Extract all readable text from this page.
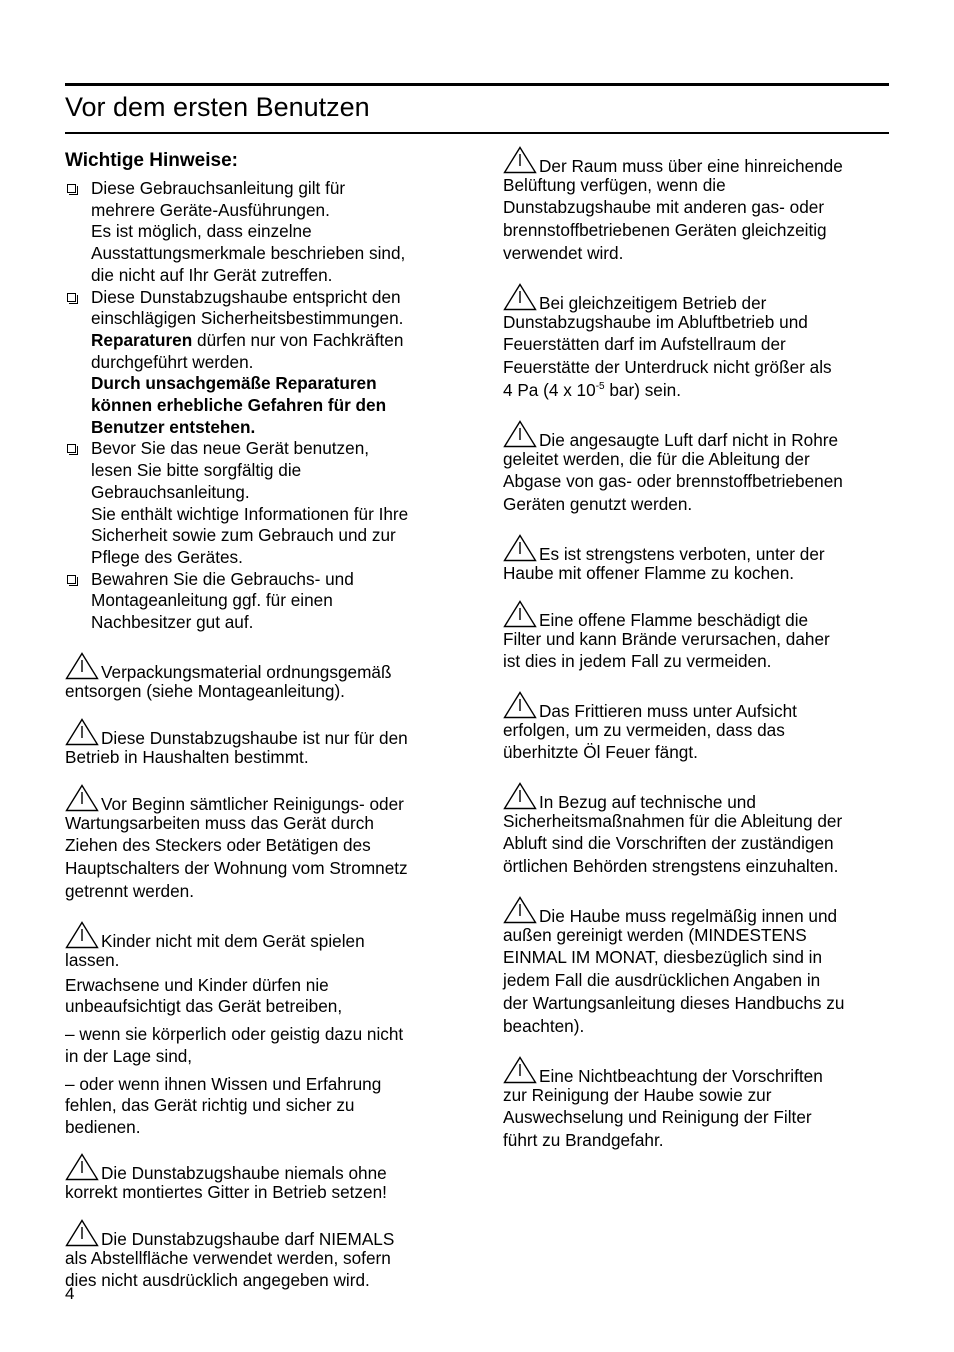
Vor dem ersten Benutzen
Wichtige Hinweise:
Diese Gebrauchsanleitung gilt für
mehrere Geräte-Ausführungen.
Es ist möglich, dass einzelne
Ausstattungsmerkmale beschrieben sind,
die nicht auf Ihr Gerät zutreffen.
Diese Dunstabzugshaube entspricht den
einschlägigen Sicherheitsbestimmungen.
Reparaturen dürfen nur von Fachkräften
durchgeführt werden.
Durch unsachgemäße Reparaturen
können erhebliche Gefahren für den
Benutzer entstehen.
Bevor Sie das neue Gerät benutzen,
lesen Sie bitte sorgfältig die
Gebrauchsanleitung.
Sie enthält wichtige Informationen für Ihre
Sicherheit sowie zum Gebrauch und zur
Pflege des Gerätes.
Bewahren Sie die Gebrauchs- und
Montageanleitung ggf. für einen
Nachbesitzer gut auf.
Verpackungsmaterial ordnungsgemäß
entsorgen (siehe Montageanleitung).
Diese Dunstabzugshaube ist nur für den
Betrieb in Haushalten bestimmt.
Vor Beginn sämtlicher Reinigungs- oder
Wartungsarbeiten muss das Gerät durch
Ziehen des Steckers oder Betätigen des
Hauptschalters der Wohnung vom Stromnetz
getrennt werden.
Kinder nicht mit dem Gerät spielen
lassen.

Erwachsene und Kinder dürfen nie
unbeaufsichtigt das Gerät betreiben,

– wenn sie körperlich oder geistig dazu nicht
in der Lage sind,

– oder wenn ihnen Wissen und Erfahrung
fehlen, das Gerät richtig und sicher zu
bedienen.

Die Dunstabzugshaube niemals ohne
korrekt montiertes Gitter in Betrieb setzen!
Die Dunstabzugshaube darf NIEMALS
als Abstellfläche verwendet werden, sofern
dies nicht ausdrücklich angegeben wird.
Der Raum muss über eine hinreichende
Belüftung verfügen, wenn die
Dunstabzugshaube mit anderen gas- oder
brennstoffbetriebenen Geräten gleichzeitig
verwendet wird.
Bei gleichzeitigem Betrieb der
Dunstabzugshaube im Abluftbetrieb und
Feuerstätten darf im Aufstellraum der
Feuerstätte der Unterdruck nicht größer als
4 Pa (4 x $10^{-5}$ bar) sein.
Die angesaugte Luft darf nicht in Rohre
geleitet werden, die für die Ableitung der
Abgase von gas- oder brennstoffbetriebenen
Geräten genutzt werden.
Es ist strengstens verboten, unter der
Haube mit offener Flamme zu kochen.
Eine offene Flamme beschädigt die
Filter und kann Brände verursachen, daher
ist dies in jedem Fall zu vermeiden.
Das Frittieren muss unter Aufsicht
erfolgen, um zu vermeiden, dass das
überhitzte Öl Feuer fängt.
In Bezug auf technische und
Sicherheitsmaßnahmen für die Ableitung der
Abluft sind die Vorschriften der zuständigen
örtlichen Behörden strengstens einzuhalten.
Die Haube muss regelmäßig innen und
außen gereinigt werden (MINDESTENS
EINMAL IM MONAT, diesbezüglich sind in
jedem Fall die ausdrücklichen Angaben in
der Wartungsanleitung dieses Handbuchs zu
beachten).
Eine Nichtbeachtung der Vorschriften
zur Reinigung der Haube sowie zur
Auswechselung und Reinigung der Filter
führt zu Brandgefahr.
4
